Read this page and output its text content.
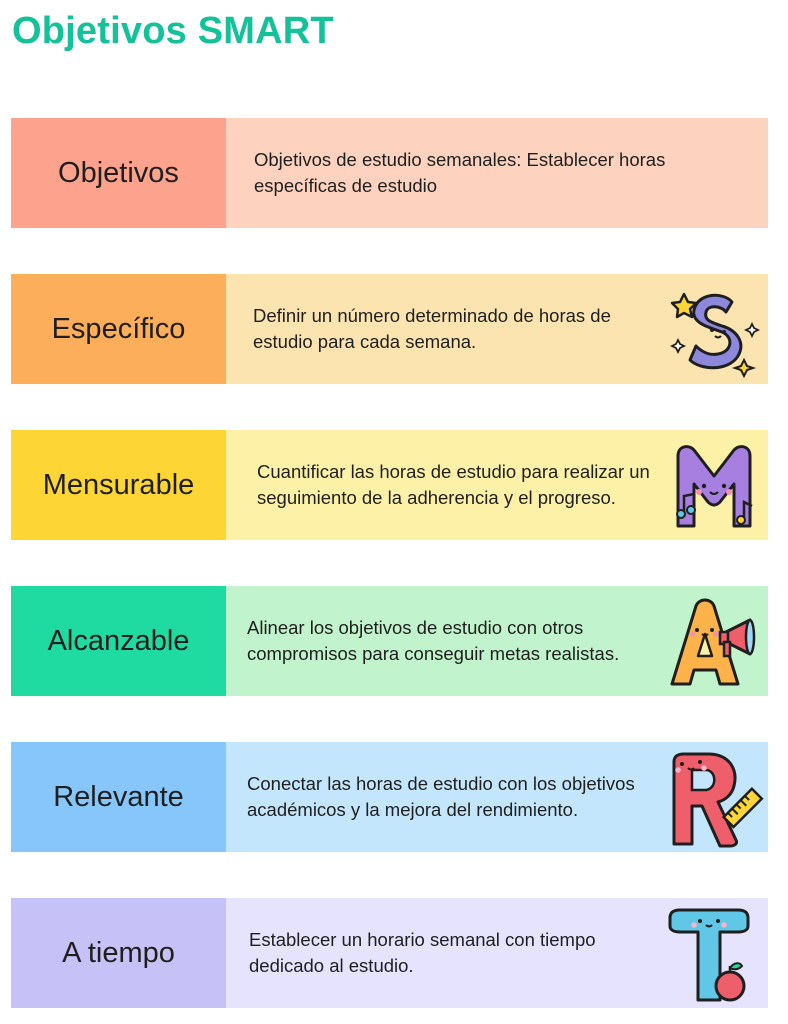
Objetivos SMART
Objetivos	Objetivos de estudio semanales: Establecer horas específicas de estudio
Específico	Definir un número determinado de horas de estudio para cada semana.
Mensurable	Cuantificar las horas de estudio para realizar un seguimiento de la adherencia y el progreso.
Alcanzable	Alinear los objetivos de estudio con otros compromisos para conseguir metas realistas.
Relevante	Conectar las horas de estudio con los objetivos académicos y la mejora del rendimiento.
A tiempo	Establecer un horario semanal con tiempo dedicado al estudio.
